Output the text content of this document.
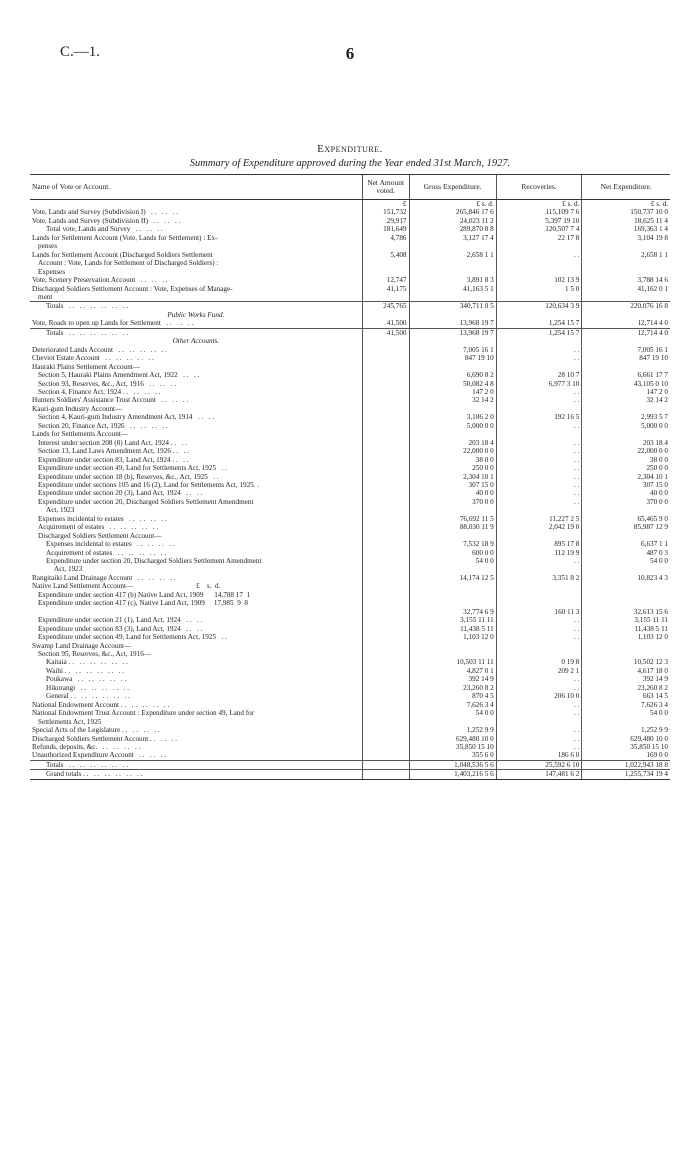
C.—1.	6
Expenditure.
Summary of Expenditure approved during the Year ended 31st March, 1927.
Name of Vote or Account.	Net Amount voted.	Gross Expenditure.	Recoveries.	Net Expenditure.

	£	£ s. d.	£ s. d.	£ s. d.
Vote, Lands and Survey (Subdivision I)   . .   . .   . .	151,732	265,846 17 6	115,109 7 6	150,737 10 0
Vote, Lands and Survey (Subdivision II)   . .   . .   . .	29,917	24,023 11 2	5,397 19 10	18,625 11 4

Total vote, Lands and Survey   . .   . .   . .	181,649	289,870 8 8	120,507 7 4	169,363 1 4
Lands for Settlement Account (Vote, Lands for Settlement) : Ex-	4,786	3,127 17 4	22 17 8	3,104 19 8
penses				
Lands for Settlement Account (Discharged Soldiers Settlement	5,408	2,658 1 1	. .	2,658 1 1
Account : Vote, Lands for Settlement of Discharged Soldiers) :				
Expenses				
Vote, Scenery Preservation Account   . .   . .   . .	12,747	3,891 8 3	102 13 9	3,788 14 6
Discharged Soldiers Settlement Account : Vote, Expenses of Manage-	41,175	41,163 5 1	1 5 0	41,162 0 1
ment				

Totals   . .   . .   . .   . .   . .   . .	245,765	340,711 0 5	120,634 3 9	220,076 16 8

Public Works Fund.				
Vote, Roads to open up Lands for Settlement   . .   . .   . .	41,500	13,968 19 7	1,254 15 7	12,714 4 0

Totals   . .   . .   . .   . .   . .   . .	41,500	13,968 19 7	1,254 15 7	12,714 4 0
Other Accounts.				
Deteriorated Lands Account   . .   . .   . .   . .   . .		7,005 16 1	. .	7,005 16 1
Cheviot Estate Account   . .   . .   . .   . .   . .		847 19 10	. .	847 19 10
Hauraki Plains Settlement Account—				
Section 5, Hauraki Plains Amendment Act, 1922   . .   . .		6,690 8 2	28 10 7	6,661 17 7
Section 93, Reserves, &c., Act, 1916   . .   . .   . .		50,082 4 8	6,977 3 10	43,105 0 10
Section 4, Finance Act, 1924 . .   . .   . .   . .		147 2 0	. .	147 2 0
Hunters Soldiers' Assistance Trust Account   . .   . .   . .		32 14 2	. .	32 14 2
Kauri-gum Industry Account—				
Section 4, Kauri-gum Industry Amendment Act, 1914   . .   . .		3,186 2 0	192 16 5	2,993 5 7
Section 20, Finance Act, 1926   . .   . .   . .   . .		5,000 0 0	. .	5,000 0 0
Lands for Settlements Account—				
Interest under section 208 (8) Land Act, 1924 . .   . .		203 18 4	. .	203 18 4
Section 13, Land Laws Amendment Act, 1926 . .   . .		22,000 0 0	. .	22,000 0 0
Expenditure under section 83, Land Act, 1924 . .   . .		38 0 0	. .	38 0 0
Expenditure under section 49, Land for Settlements Act, 1925   . .		250 0 0	. .	250 0 0
Expenditure under section 18 (b), Reserves, &c., Act, 1925   . .		2,304 10 1	. .	2,304 10 1
Expenditure under sections 105 and 16 (2), Land for Settlements Act, 1925. .		307 15 0	. .	307 15 0
Expenditure under section 20 (3), Land Act, 1924   . .   . .		40 0 0	. .	40 0 0
Expenditure under section 20, Discharged Soldiers Settlement Amendment		370 0 0	. .	370 0 0
Act, 1923				
Expenses incidental to estates   . .   . .   . .   . .		76,692 11 5	11,227 2 5	65,465 9 0
Acquirement of estates   . .   . .   . .   . .   . .		88,030 11 9	2,042 19 0	85,987 12 9
Discharged Soldiers Settlement Account—				
Expenses incidental to estates   . .   . .   . .   . .		7,532 18 9	895 17 8	6,637 1 1
Acquirement of estates   . .   . .   . .   . .   . .		600 0 0	112 19 9	487 0 3
Expenditure under section 20, Discharged Soldiers Settlement Amendment		54 0 0	. .	54 0 0
Act, 1923				
Rangitaiki Land Drainage Account   . .   . .   . .   . .		14,174 12 5	3,351 8 2	10,823 4 3
Native Land Settlement Account—                                   £    s.  d.				
Expenditure under section 417 (b) Native Land Act, 1909      14,788 17  1				
Expenditure under section 417 (c), Native Land Act, 1909     17,985  9  8				
		32,774 6 9	160 11 3	32,613 15 6
Expenditure under section 21 (1), Land Act, 1924   . .   . .		3,155 11 11	. .	3,155 11 11
Expenditure under section 83 (3), Land Act, 1924   . .   . .		11,438 5 11	. .	11,438 5 11
Expenditure under section 49, Land for Settlements Act, 1925   . .		1,103 12 0	. .	1,103 12 0
Swamp Land Drainage Account—				
Section 95, Reserves, &c., Act, 1916—				
Kaitaia . .   . .   . .   . .   . .   . .		10,503 11 11	0 19 8	10,502 12 3
Waihi . .   . .   . .   . .   . .   . .		4,827 0 1	209 2 1	4,617 18 0
Poukawa   . .   . .   . .   . .   . .		392 14 9	. .	392 14 9
Hikurangi   . .   . .   . .   . .   . .		23,260 8 2	. .	23,260 8 2
General . .   . .   . .   . .   . .   . .		870 4 5	206 10 0	663 14 5
National Endowment Account . .   . .   . .   . .   . .		7,626 3 4	. .	7,626 3 4
National Endowment Trust Account : Expenditure under section 49, Land for		54 0 0	. .	54 0 0
Settlements Act, 1925				
Special Acts of the Legislature . .   . .   . .   . .		1,252 9 9	. .	1,252 9 9
Discharged Soldiers Settlement Account . .   . .   . .		629,480 10 0	. .	629,480 10 0
Refunds, deposits, &c.   . .   . .   . .   . .		35,850 15 10	. .	35,850 15 10
Unauthorized Expenditure Account   . .   . .   . .		355 6 0	186 6 0	169 0 0

Totals   . .   . .   . .   . .   . .   . .		1,048,536 5 6	25,592 6 10	1,022,943 18 8

Grand totals . .   . .   . .   . .   . .   . .		1,403,216 5 6	147,481 6 2	1,255,734 19 4
